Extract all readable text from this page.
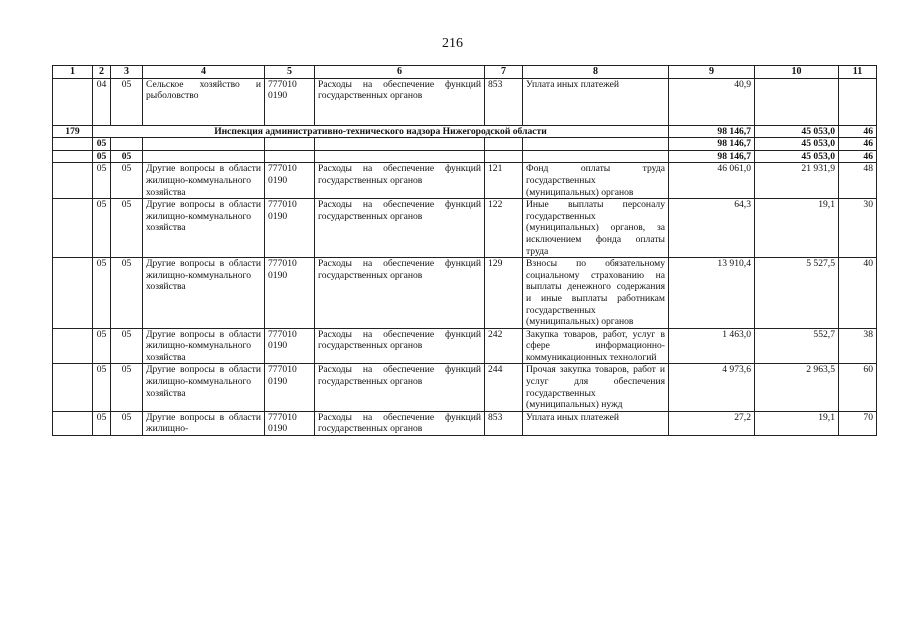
216
1	2	3	4	5	6	7	8	9	10	11
	04	05	Сельское хозяйство и рыболовство	777010 0190	Расходы на обеспечение функций государственных органов	853	Уплата иных платежей	40,9		
179	Инспекция административно-технического надзора Нижегородской области							98 146,7	45 053,0	46
	05							98 146,7	45 053,0	46
	05	05						98 146,7	45 053,0	46
	05	05	Другие вопросы в области жилищно-коммунального хозяйства	777010 0190	Расходы на обеспечение функций государственных органов	121	Фонд оплаты труда государственных (муниципальных) органов	46 061,0	21 931,9	48
	05	05	Другие вопросы в области жилищно-коммунального хозяйства	777010 0190	Расходы на обеспечение функций государственных органов	122	Иные выплаты персоналу государственных (муниципальных) органов, за исключением фонда оплаты труда	64,3	19,1	30
	05	05	Другие вопросы в области жилищно-коммунального хозяйства	777010 0190	Расходы на обеспечение функций государственных органов	129	Взносы по обязательному социальному страхованию на выплаты денежного содержания и иные выплаты работникам государственных (муниципальных) органов	13 910,4	5 527,5	40
	05	05	Другие вопросы в области жилищно-коммунального хозяйства	777010 0190	Расходы на обеспечение функций государственных органов	242	Закупка товаров, работ, услуг в сфере информационно-коммуникационных технологий	1 463,0	552,7	38
	05	05	Другие вопросы в области жилищно-коммунального хозяйства	777010 0190	Расходы на обеспечение функций государственных органов	244	Прочая закупка товаров, работ и услуг для обеспечения государственных (муниципальных) нужд	4 973,6	2 963,5	60
	05	05	Другие вопросы в области жилищно-	777010 0190	Расходы на обеспечение функций государственных органов	853	Уплата иных платежей	27,2	19,1	70
